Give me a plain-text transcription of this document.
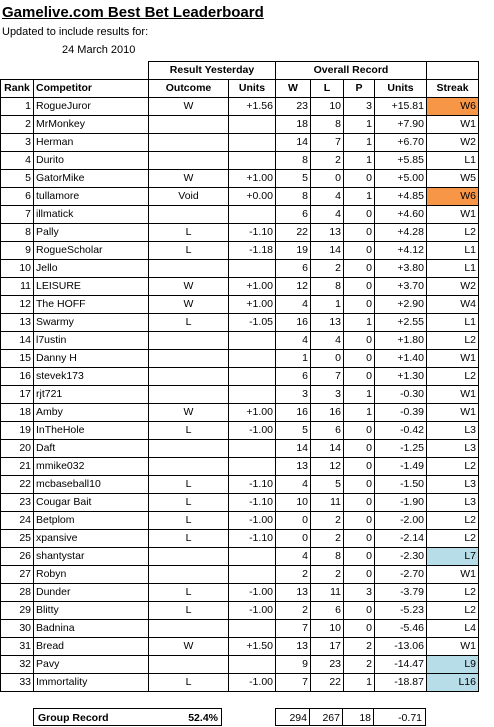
Gamelive.com Best Bet Leaderboard
Updated to include results for:
24 March 2010
		Result Yesterday		Overall Record				
Rank	Competitor	Outcome	Units	W	L	P	Units	Streak
1	RogueJuror	W	+1.56	23	10	3	+15.81	W6
2	MrMonkey			18	8	1	+7.90	W1
3	Herman			14	7	1	+6.70	W2
4	Durito			8	2	1	+5.85	L1
5	GatorMike	W	+1.00	5	0	0	+5.00	W5
6	tullamore	Void	+0.00	8	4	1	+4.85	W6
7	illmatick			6	4	0	+4.60	W1
8	Pally	L	-1.10	22	13	0	+4.28	L2
9	RogueScholar	L	-1.18	19	14	0	+4.12	L1
10	Jello			6	2	0	+3.80	L1
11	LEISURE	W	+1.00	12	8	0	+3.70	W2
12	The HOFF	W	+1.00	4	1	0	+2.90	W4
13	Swarmy	L	-1.05	16	13	1	+2.55	L1
14	l7ustin			4	4	0	+1.80	L2
15	Danny H			1	0	0	+1.40	W1
16	stevek173			6	7	0	+1.30	L2
17	rjt721			3	3	1	-0.30	W1
18	Amby	W	+1.00	16	16	1	-0.39	W1
19	InTheHole	L	-1.00	5	6	0	-0.42	L3
20	Daft			14	14	0	-1.25	L3
21	mmike032			13	12	0	-1.49	L2
22	mcbaseball10	L	-1.10	4	5	0	-1.50	L3
23	Cougar Bait	L	-1.10	10	11	0	-1.90	L3
24	Betplom	L	-1.00	0	2	0	-2.00	L2
25	xpansive	L	-1.10	0	2	0	-2.14	L2
26	shantystar			4	8	0	-2.30	L7
27	Robyn			2	2	0	-2.70	W1
28	Dunder	L	-1.00	13	11	3	-3.79	L2
29	Blitty	L	-1.00	2	6	0	-5.23	L2
30	Badnina			7	10	0	-5.46	L4
31	Bread	W	+1.50	13	17	2	-13.06	W1
32	Pavy			9	23	2	-14.47	L9
33	Immortality	L	-1.00	7	22	1	-18.87	L16
Group Record	52.4%	294	267	18	-0.71
